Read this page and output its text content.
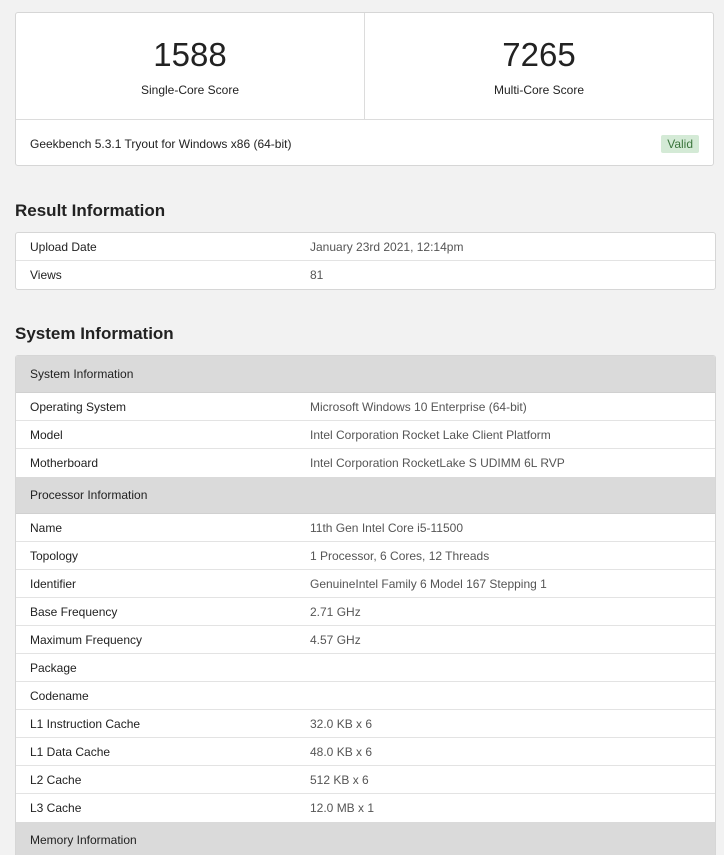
1588
Single-Core Score
7265
Multi-Core Score
Geekbench 5.3.1 Tryout for Windows x86 (64-bit)	Valid
Result Information
Upload Date	January 23rd 2021, 12:14pm
Views	81
System Information
System Information
Operating System	Microsoft Windows 10 Enterprise (64-bit)
Model	Intel Corporation Rocket Lake Client Platform
Motherboard	Intel Corporation RocketLake S UDIMM 6L RVP
Processor Information
Name	11th Gen Intel Core i5-11500
Topology	1 Processor, 6 Cores, 12 Threads
Identifier	GenuineIntel Family 6 Model 167 Stepping 1
Base Frequency	2.71 GHz
Maximum Frequency	4.57 GHz
Package
Codename
L1 Instruction Cache	32.0 KB x 6
L1 Data Cache	48.0 KB x 6
L2 Cache	512 KB x 6
L3 Cache	12.0 MB x 1
Memory Information
